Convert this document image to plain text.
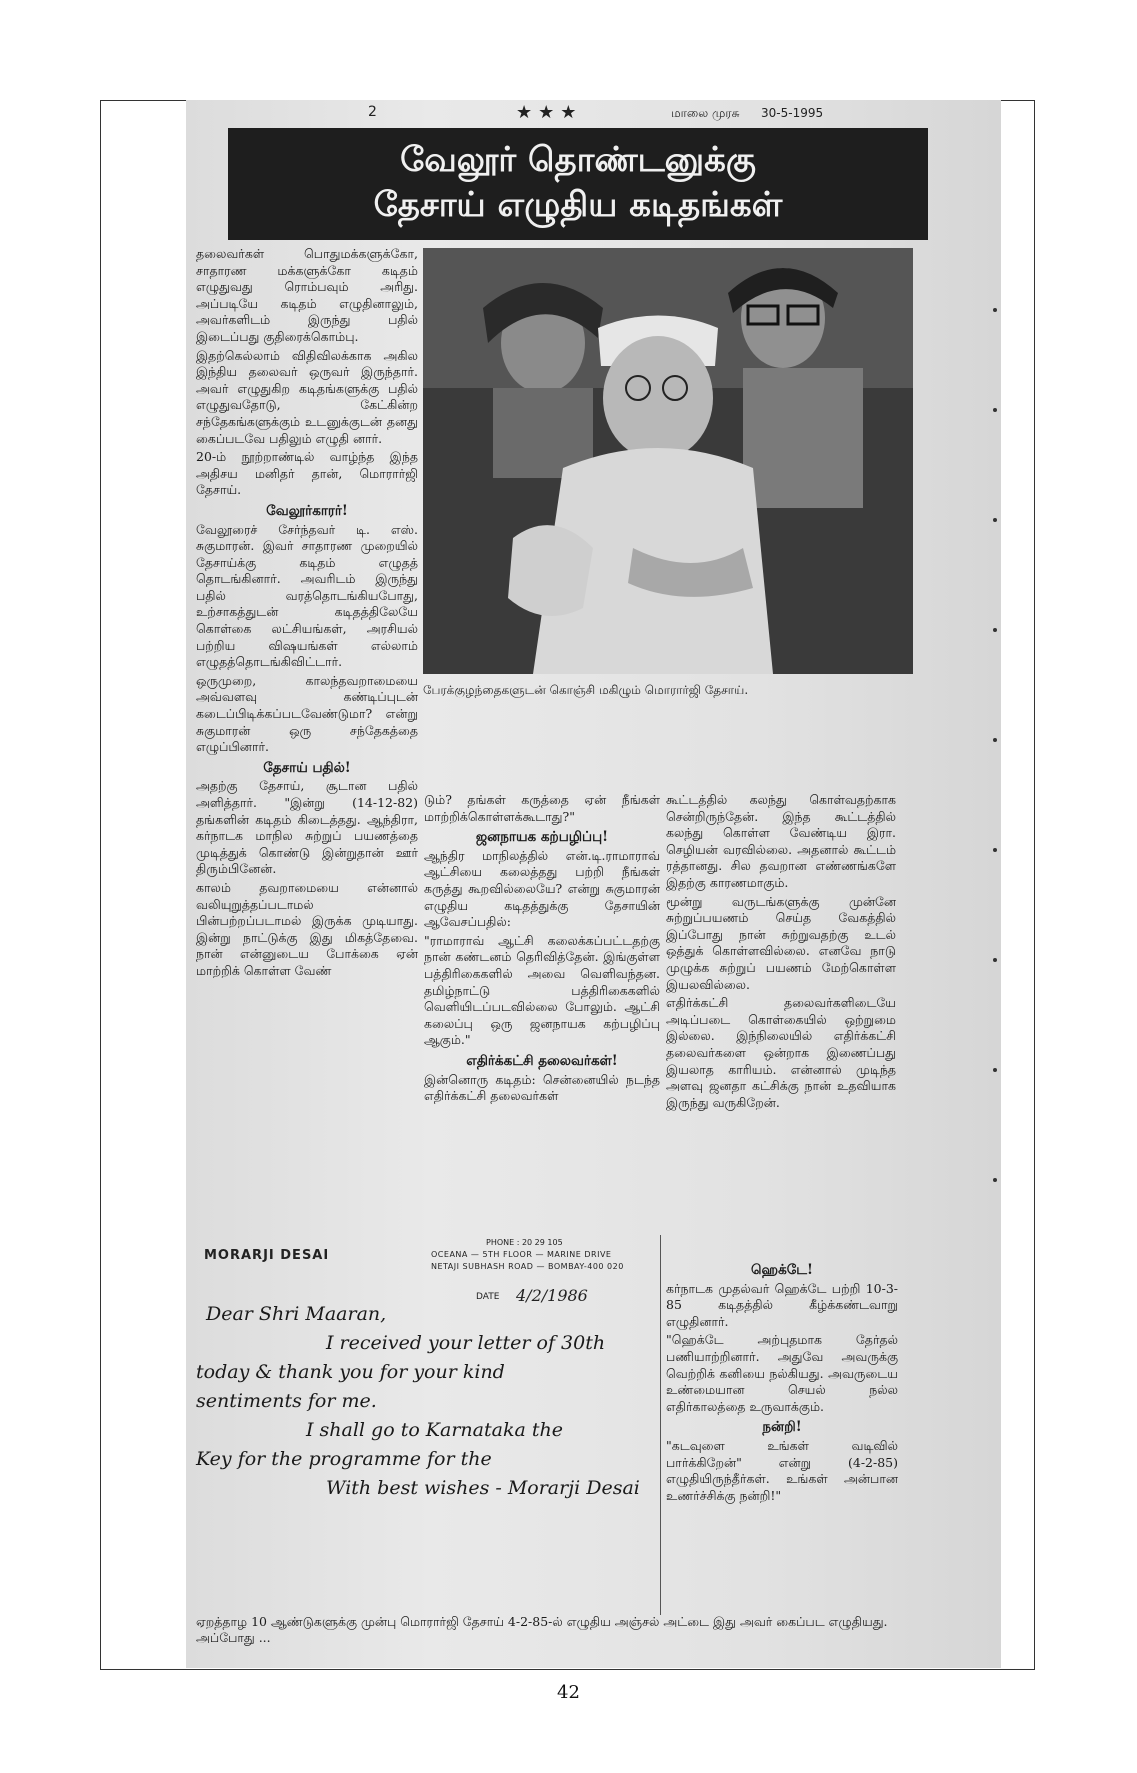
2	★★★	மாலை முரசு 30-5-1995
வேலூர் தொண்டனுக்கு
தேசாய் எழுதிய கடிதங்கள்

தலைவர்கள் பொதுமக்களுக்கோ, சாதாரண மக்களுக்கோ கடிதம் எழுதுவது ரொம்பவும் அரிது. அப்படியே கடிதம் எழுதினாலும், அவர்களிடம் இருந்து பதில் இடைப்பது குதிரைக்கொம்பு.

இதற்கெல்லாம் விதிவிலக்காக அகில இந்திய தலைவர் ஒருவர் இருந்தார். அவர் எழுதுகிற கடிதங்களுக்கு பதில் எழுதுவதோடு, கேட்கின்ற சந்தேகங்களுக்கும் உடனுக்குடன் தனது கைப்படவே பதிலும் எழுதி னார்.

20-ம் நூற்றாண்டில் வாழ்ந்த இந்த அதிசய மனிதர் தான், மொரார்ஜி தேசாய்.

வேலூர்காரர்!

வேலூரைச் சேர்ந்தவர் டி. எஸ். சுகுமாரன். இவர் சாதாரண முறையில் தேசாய்க்கு கடிதம் எழுதத் தொடங்கினார். அவரிடம் இருந்து பதில் வரத்தொடங்கியபோது, உற்சாகத்துடன் கடிதத்திலேயே கொள்கை லட்சியங்கள், அரசியல் பற்றிய விஷயங்கள் எல்லாம் எழுதத்தொடங்கிவிட்டார்.

ஒருமுறை, காலந்தவறாமையை அவ்வளவு கண்டிப்புடன் கடைப்பிடிக்கப்படவேண்டுமா? என்று சுகுமாரன் ஒரு சந்தேகத்தை எழுப்பினார்.

தேசாய் பதில்!

அதற்கு தேசாய், சூடான பதில் அளித்தார். "இன்று (14-12-82) தங்களின் கடிதம் கிடைத்தது. ஆந்திரா, கர்நாடக மாநில சுற்றுப் பயணத்தை முடித்துக் கொண்டு இன்றுதான் ஊர் திரும்பினேன்.

காலம் தவறாமையை என்னால் வலியுறுத்தப்படாமல் பின்பற்றப்படாமல் இருக்க முடியாது. இன்று நாட்டுக்கு இது மிகத்தேவை. நான் என்னுடைய போக்கை ஏன் மாற்றிக் கொள்ள வேண்

பேரக்குழந்தைகளுடன் கொஞ்சி மகிழும் மொரார்ஜி தேசாய்.

டும்? தங்கள் கருத்தை ஏன் நீங்கள் மாற்றிக்கொள்ளக்கூடாது?"

ஜனநாயக கற்பழிப்பு!

ஆந்திர மாநிலத்தில் என்.டி.ராமாராவ் ஆட்சியை கலைத்தது பற்றி நீங்கள் கருத்து கூறவில்லையே? என்று சுகுமாரன் எழுதிய கடிதத்துக்கு தேசாயின் ஆவேசப்பதில்:

"ராமாராவ் ஆட்சி கலைக்கப்பட்டதற்கு நான் கண்டனம் தெரிவித்தேன். இங்குள்ள பத்திரிகைகளில் அவை வெளிவந்தன. தமிழ்நாட்டு பத்திரிகைகளில் வெளியிடப்படவில்லை போலும். ஆட்சி கலைப்பு ஒரு ஜனநாயக கற்பழிப்பு ஆகும்."

எதிர்க்கட்சி தலைவர்கள்!

இன்னொரு கடிதம்: சென்னையில் நடந்த எதிர்க்கட்சி தலைவர்கள்

கூட்டத்தில் கலந்து கொள்வதற்காக சென்றிருந்தேன். இந்த கூட்டத்தில் கலந்து கொள்ள வேண்டிய இரா. செழியன் வரவில்லை. அதனால் கூட்டம் ரத்தானது. சில தவறான எண்ணங்களே இதற்கு காரணமாகும்.

மூன்று வருடங்களுக்கு முன்னே சுற்றுப்பயணம் செய்த வேகத்தில் இப்போது நான் சுற்றுவதற்கு உடல் ஒத்துக் கொள்ளவில்லை. எனவே நாடு முழுக்க சுற்றுப் பயணம் மேற்கொள்ள இயலவில்லை.

எதிர்க்கட்சி தலைவர்களிடையே அடிப்படை கொள்கையில் ஒற்றுமை இல்லை. இந்நிலையில் எதிர்க்கட்சி தலைவர்களை ஒன்றாக இணைப்பது இயலாத காரியம். என்னால் முடிந்த அளவு ஜனதா கட்சிக்கு நான் உதவியாக இருந்து வருகிறேன்.

ஹெக்டே!

கர்நாடக முதல்வர் ஹெக்டே பற்றி 10-3-85 கடிதத்தில் கீழ்க்கண்டவாறு எழுதினார்.

"ஹெக்டே அற்புதமாக தேர்தல் பணியாற்றினார். அதுவே அவருக்கு வெற்றிக் கனியை நல்கியது. அவருடைய உண்மையான செயல் நல்ல எதிர்காலத்தை உருவாக்கும்.

நன்றி!

"கடவுளை உங்கள் வடிவில் பார்க்கிறேன்" என்று (4-2-85) எழுதியிருந்தீர்கள். உங்கள் அன்பான உணர்ச்சிக்கு நன்றி!"

MORARJI DESAI
PHONE : 20 29 105
OCEANA — 5TH FLOOR — MARINE DRIVE
NETAJI SUBHASH ROAD — BOMBAY-400 020
DATE 4/2/1986
Dear Shri Maaran,
I received your letter of 30th
today & thank you for your kind
sentiments for me.
I shall go to Karnataka the
Key for the programme for the
With best wishes - Morarji Desai
ஏறத்தாழ 10 ஆண்டுகளுக்கு முன்பு மொரார்ஜி தேசாய் 4-2-85-ல் எழுதிய அஞ்சல் அட்டை இது அவர் கைப்பட எழுதியது. அப்போது ...
42
